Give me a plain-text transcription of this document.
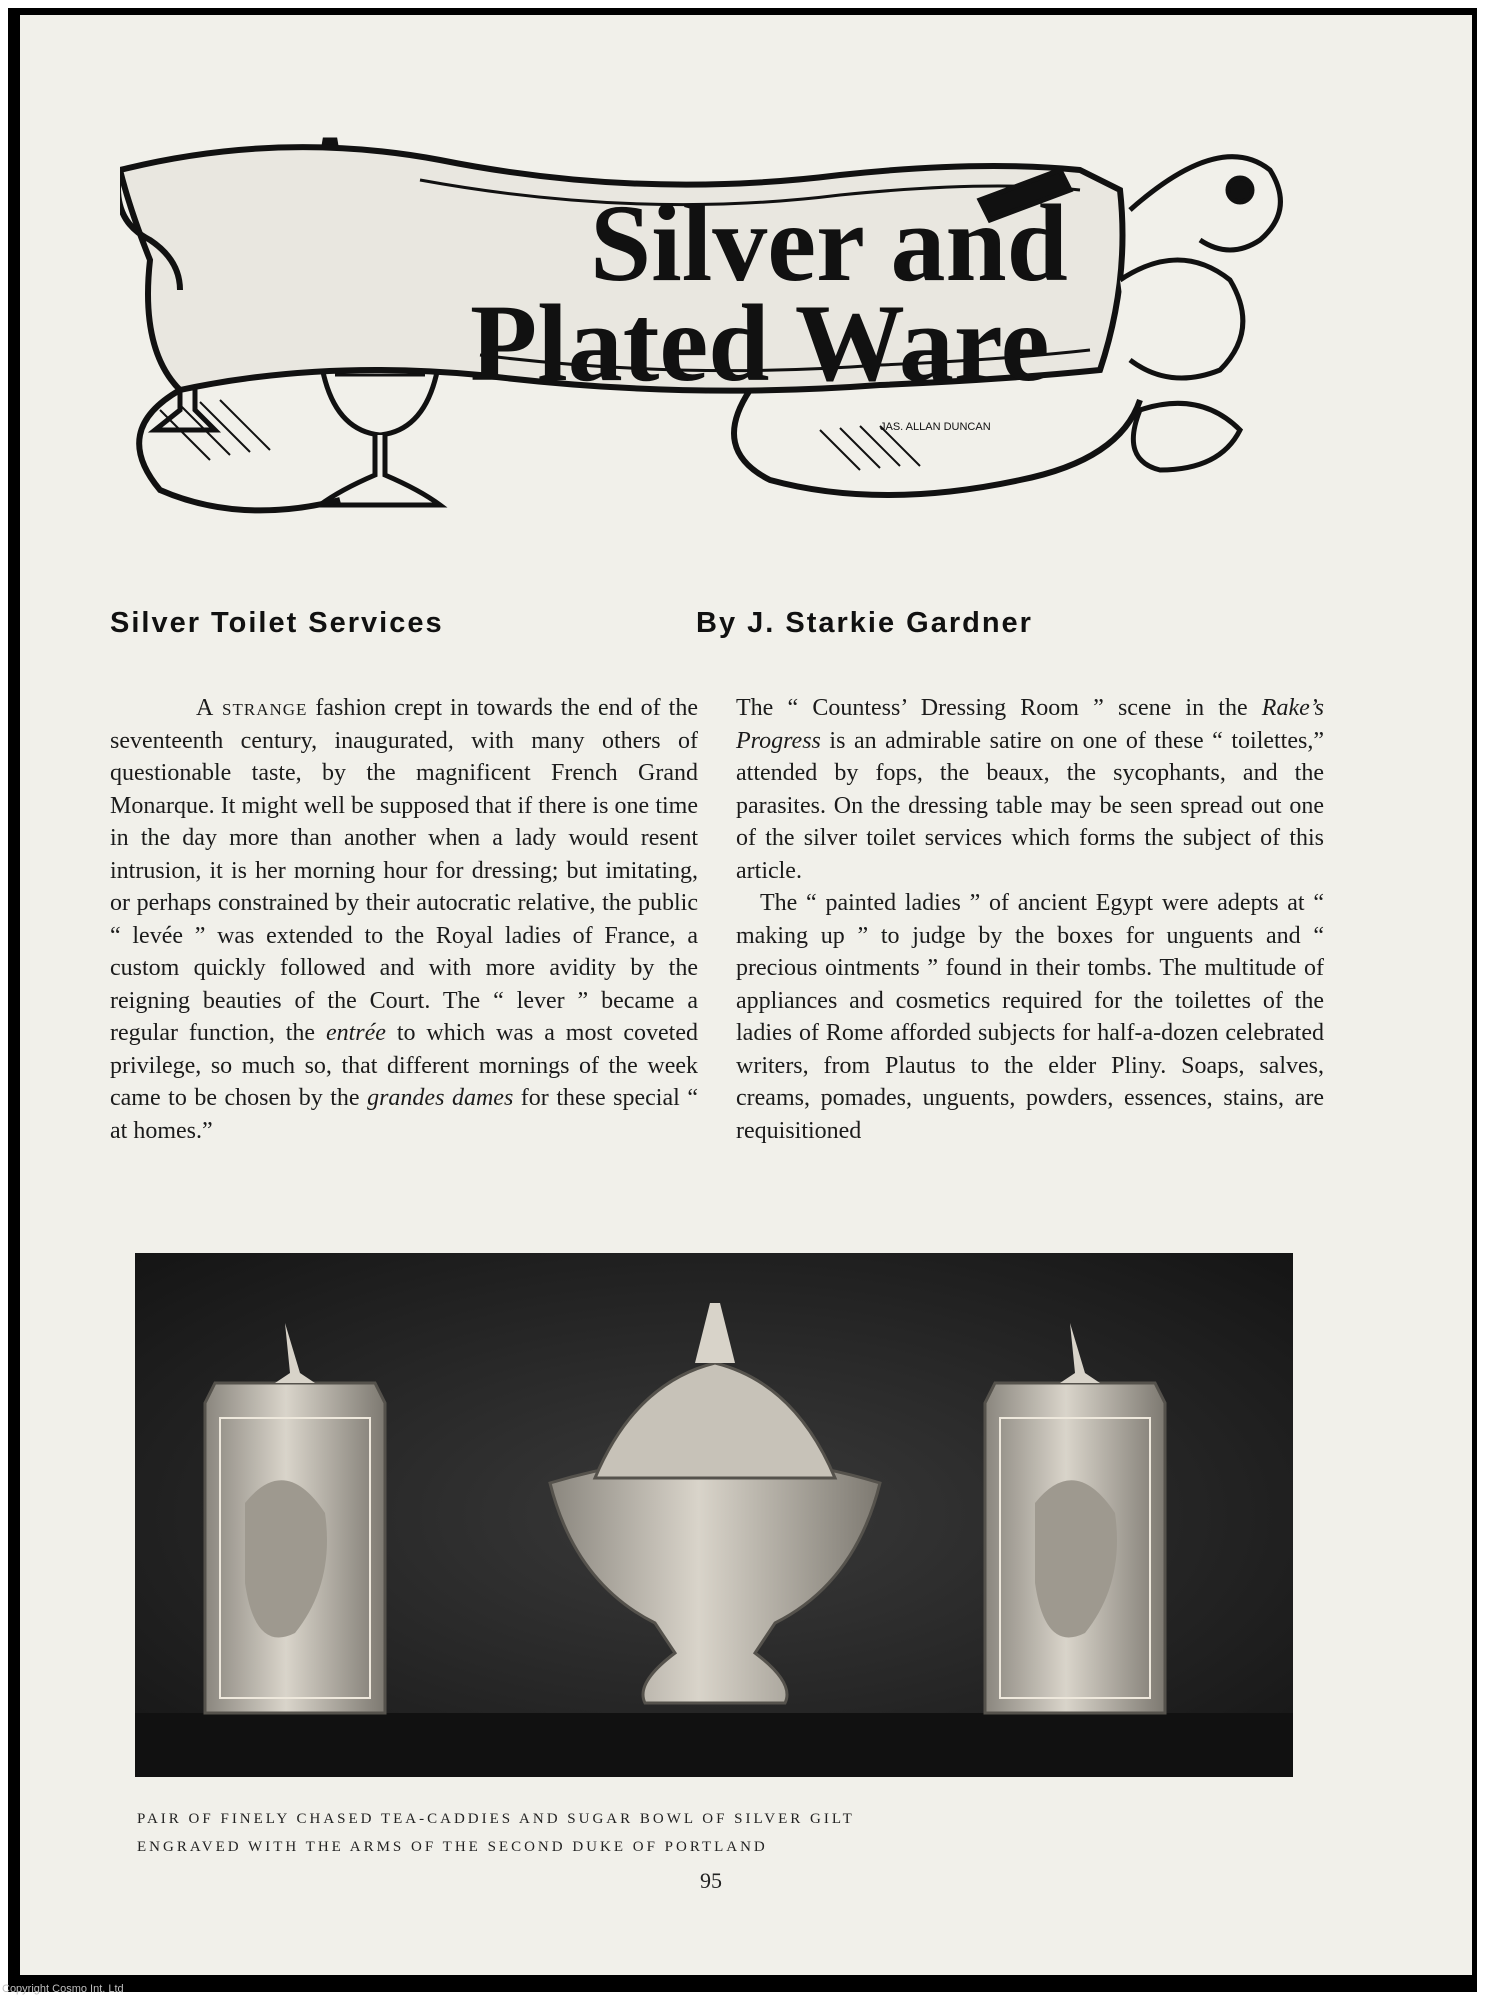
Copyright Cosmo Int. Ltd
Silver and
Plated Ware
JAS. ALLAN DUNCAN
Silver Toilet Services	By J. Starkie Gardner

A strange fashion crept in towards the end of the seventeenth century, inaugurated, with many others of questionable taste, by the magnificent French Grand Monarque. It might well be supposed that if there is one time in the day more than another when a lady would resent intrusion, it is her morning hour for dressing; but imitating, or perhaps constrained by their autocratic relative, the public “ levée ” was extended to the Royal ladies of France, a custom quickly followed and with more avidity by the reigning beauties of the Court. The “ lever ” became a regular function, the entrée to which was a most coveted privilege, so much so, that different mornings of the week came to be chosen by the grandes dames for these special “ at homes.”

The “ Countess’ Dressing Room ” scene in the Rake’s Progress is an admirable satire on one of these “ toilettes,” attended by fops, the beaux, the sycophants, and the parasites. On the dressing table may be seen spread out one of the silver toilet services which forms the subject of this article.

The “ painted ladies ” of ancient Egypt were adepts at “ making up ” to judge by the boxes for unguents and “ precious ointments ” found in their tombs. The multitude of appliances and cosmetics required for the toilettes of the ladies of Rome afforded subjects for half-a-dozen celebrated writers, from Plautus to the elder Pliny. Soaps, salves, creams, pomades, unguents, powders, essences, stains, are requisitioned

PAIR OF FINELY CHASED TEA-CADDIES AND SUGAR BOWL OF SILVER GILT
ENGRAVED WITH THE ARMS OF THE SECOND DUKE OF PORTLAND
95
